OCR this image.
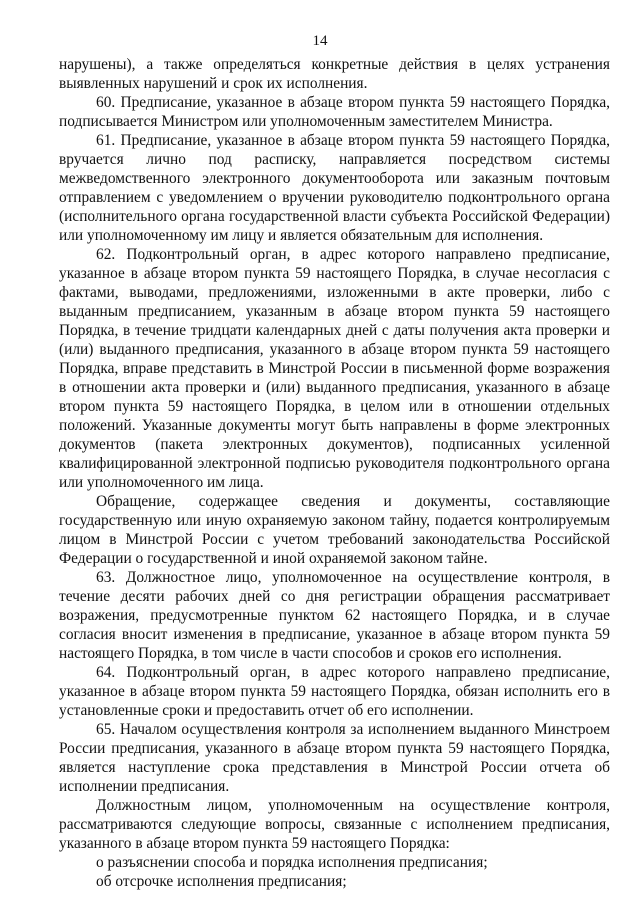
14

нарушены), а также определяться конкретные действия в целях устранения выявленных нарушений и срок их исполнения.

60. Предписание, указанное в абзаце втором пункта 59 настоящего Порядка, подписывается Министром или уполномоченным заместителем Министра.

61. Предписание, указанное в абзаце втором пункта 59 настоящего Порядка, вручается лично под расписку, направляется посредством системы межведомственного электронного документооборота или заказным почтовым отправлением с уведомлением о вручении руководителю подконтрольного органа (исполнительного органа государственной власти субъекта Российской Федерации) или уполномоченному им лицу и является обязательным для исполнения.

62. Подконтрольный орган, в адрес которого направлено предписание, указанное в абзаце втором пункта 59 настоящего Порядка, в случае несогласия с фактами, выводами, предложениями, изложенными в акте проверки, либо с выданным предписанием, указанным в абзаце втором пункта 59 настоящего Порядка, в течение тридцати календарных дней с даты получения акта проверки и (или) выданного предписания, указанного в абзаце втором пункта 59 настоящего Порядка, вправе представить в Минстрой России в письменной форме возражения в отношении акта проверки и (или) выданного предписания, указанного в абзаце втором пункта 59 настоящего Порядка, в целом или в отношении отдельных положений. Указанные документы могут быть направлены в форме электронных документов (пакета электронных документов), подписанных усиленной квалифицированной электронной подписью руководителя подконтрольного органа или уполномоченного им лица.

Обращение, содержащее сведения и документы, составляющие государственную или иную охраняемую законом тайну, подается контролируемым лицом в Минстрой России с учетом требований законодательства Российской Федерации о государственной и иной охраняемой законом тайне.

63. Должностное лицо, уполномоченное на осуществление контроля, в течение десяти рабочих дней со дня регистрации обращения рассматривает возражения, предусмотренные пунктом 62 настоящего Порядка, и в случае согласия вносит изменения в предписание, указанное в абзаце втором пункта 59 настоящего Порядка, в том числе в части способов и сроков его исполнения.

64. Подконтрольный орган, в адрес которого направлено предписание, указанное в абзаце втором пункта 59 настоящего Порядка, обязан исполнить его в установленные сроки и предоставить отчет об его исполнении.

65. Началом осуществления контроля за исполнением выданного Минстроем России предписания, указанного в абзаце втором пункта 59 настоящего Порядка, является наступление срока представления в Минстрой России отчета об исполнении предписания.

Должностным лицом, уполномоченным на осуществление контроля, рассматриваются следующие вопросы, связанные с исполнением предписания, указанного в абзаце втором пункта 59 настоящего Порядка:

о разъяснении способа и порядка исполнения предписания;

об отсрочке исполнения предписания;
